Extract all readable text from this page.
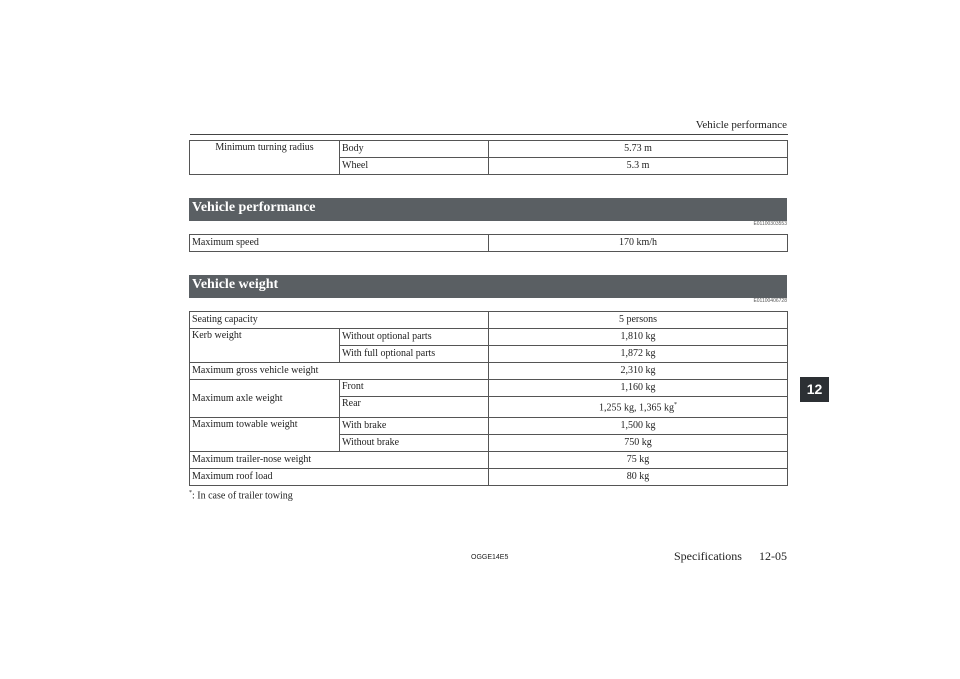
Vehicle performance
Minimum turning radius	Body	5.73 m
	Wheel	5.3 m
Vehicle performance
E01100303553
Maximum speed	170 km/h
Vehicle weight
E01100406728
Seating capacity		5 persons
Kerb weight	Without optional parts	1,810 kg
	With full optional parts	1,872 kg
Maximum gross vehicle weight		2,310 kg
Maximum axle weight	Front	1,160 kg
	Rear	1,255 kg, 1,365 kg*
Maximum towable weight	With brake	1,500 kg
	Without brake	750 kg
Maximum trailer-nose weight		75 kg
Maximum roof load		80 kg
*: In case of trailer towing
12
OGGE14E5	Specifications 12-05
